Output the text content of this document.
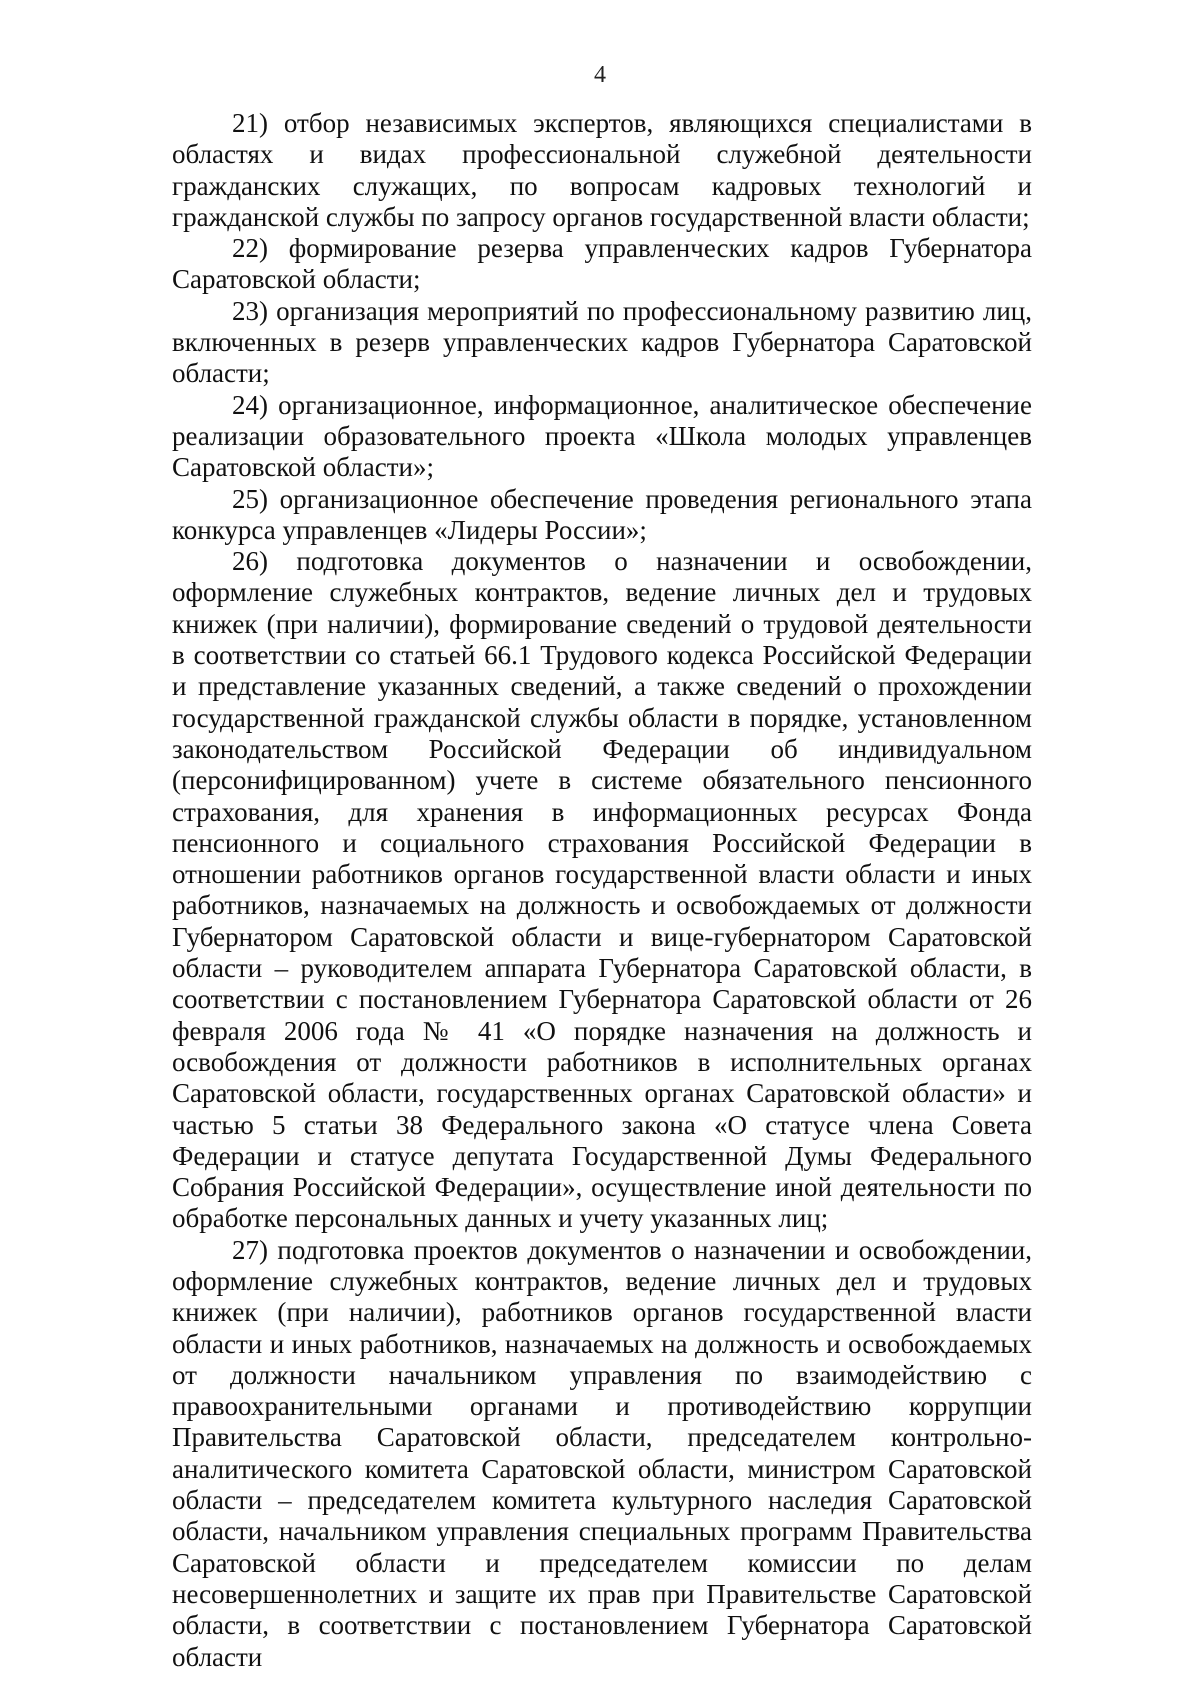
4

21) отбор независимых экспертов, являющихся специалистами в областях и видах профессиональной служебной деятельности гражданских служащих, по вопросам кадровых технологий и гражданской службы по запросу органов государственной власти области;

22) формирование резерва управленческих кадров Губернатора Саратовской области;

23) организация мероприятий по профессиональному развитию лиц, включенных в резерв управленческих кадров Губернатора Саратовской области;

24) организационное, информационное, аналитическое обеспечение реализации образовательного проекта «Школа молодых управленцев Саратовской области»;

25) организационное обеспечение проведения регионального этапа конкурса управленцев «Лидеры России»;

26) подготовка документов о назначении и освобождении, оформление служебных контрактов, ведение личных дел и трудовых книжек (при наличии), формирование сведений о трудовой деятельности в соответствии со статьей 66.1 Трудового кодекса Российской Федерации и представление указанных сведений, а также сведений о прохождении государственной гражданской службы области в порядке, установленном законодательством Российской Федерации об индивидуальном (персонифицированном) учете в системе обязательного пенсионного страхования, для хранения в информационных ресурсах Фонда пенсионного и социального страхования Российской Федерации в отношении работников органов государственной власти области и иных работников, назначаемых на должность и освобождаемых от должности Губернатором Саратовской области и вице-губернатором Саратовской области – руководителем аппарата Губернатора Саратовской области, в соответствии с постановлением Губернатора Саратовской области от 26 февраля 2006 года № 41 «О порядке назначения на должность и освобождения от должности работников в исполнительных органах Саратовской области, государственных органах Саратовской области» и частью 5 статьи 38 Федерального закона «О статусе члена Совета Федерации и статусе депутата Государственной Думы Федерального Собрания Российской Федерации», осуществление иной деятельности по обработке персональных данных и учету указанных лиц;

27) подготовка проектов документов о назначении и освобождении, оформление служебных контрактов, ведение личных дел и трудовых книжек (при наличии), работников органов государственной власти области и иных работников, назначаемых на должность и освобождаемых от должности начальником управления по взаимодействию с правоохранительными органами и противодействию коррупции Правительства Саратовской области, председателем контрольно-аналитического комитета Саратовской области, министром Саратовской области – председателем комитета культурного наследия Саратовской области, начальником управления специальных программ Правительства Саратовской области и председателем комиссии по делам несовершеннолетних и защите их прав при Правительстве Саратовской области, в соответствии с постановлением Губернатора Саратовской области
